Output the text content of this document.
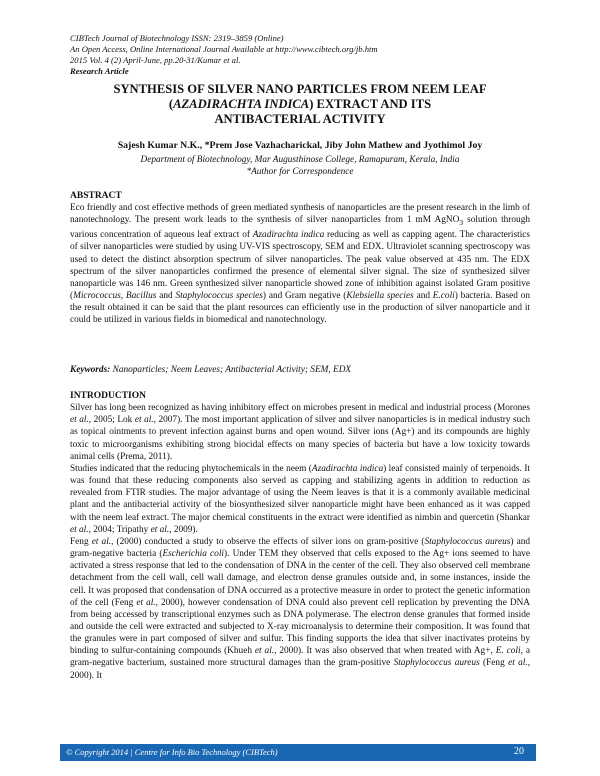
CIBTech Journal of Biotechnology ISSN: 2319–3859 (Online)
An Open Access, Online International Journal Available at http://www.cibtech.org/jb.htm
2015 Vol. 4 (2) April-June, pp.20-31/Kumar et al.
Research Article
SYNTHESIS OF SILVER NANO PARTICLES FROM NEEM LEAF
(AZADIRACHTA INDICA) EXTRACT AND ITS
ANTIBACTERIAL ACTIVITY
Sajesh Kumar N.K., *Prem Jose Vazhacharickal, Jiby John Mathew and Jyothimol Joy
Department of Biotechnology, Mar Augusthinose College, Ramapuram, Kerala, India
*Author for Correspondence
ABSTRACT

Eco friendly and cost effective methods of green mediated synthesis of nanoparticles are the present research in the limb of nanotechnology. The present work leads to the synthesis of silver nanoparticles from 1 mM AgNO$_3$ solution through various concentration of aqueous leaf extract of Azadirachta indica reducing as well as capping agent. The characteristics of silver nanoparticles were studied by using UV-VIS spectroscopy, SEM and EDX. Ultraviolet scanning spectroscopy was used to detect the distinct absorption spectrum of silver nanoparticles. The peak value observed at 435 nm. The EDX spectrum of the silver nanoparticles confirmed the presence of elemental silver signal. The size of synthesized silver nanoparticle was 146 nm. Green synthesized silver nanoparticle showed zone of inhibition against isolated Gram positive (Micrococcus, Bacillus and Staphylococcus species) and Gram negative (Klebsiella species and E.coli) bacteria. Based on the result obtained it can be said that the plant resources can efficiently use in the production of silver nanoparticle and it could be utilized in various fields in biomedical and nanotechnology.

Keywords: Nanoparticles; Neem Leaves; Antibacterial Activity; SEM, EDX
INTRODUCTION

Silver has long been recognized as having inhibitory effect on microbes present in medical and industrial process (Morones et al., 2005; Lok et al., 2007). The most important application of silver and silver nanoparticles is in medical industry such as topical ointments to prevent infection against burns and open wound. Silver ions (Ag+) and its compounds are highly toxic to microorganisms exhibiting strong biocidal effects on many species of bacteria but have a low toxicity towards animal cells (Prema, 2011).

Studies indicated that the reducing phytochemicals in the neem (Azadirachta indica) leaf consisted mainly of terpenoids. It was found that these reducing components also served as capping and stabilizing agents in addition to reduction as revealed from FTIR studies. The major advantage of using the Neem leaves is that it is a commonly available medicinal plant and the antibacterial activity of the biosynthesized silver nanoparticle might have been enhanced as it was capped with the neem leaf extract. The major chemical constituents in the extract were identified as nimbin and quercetin (Shankar et al., 2004; Tripathy et al., 2009).

Feng et al., (2000) conducted a study to observe the effects of silver ions on gram-positive (Staphylococcus aureus) and gram-negative bacteria (Escherichia coli). Under TEM they observed that cells exposed to the Ag+ ions seemed to have activated a stress response that led to the condensation of DNA in the center of the cell. They also observed cell membrane detachment from the cell wall, cell wall damage, and electron dense granules outside and, in some instances, inside the cell. It was proposed that condensation of DNA occurred as a protective measure in order to protect the genetic information of the cell (Feng et al., 2000), however condensation of DNA could also prevent cell replication by preventing the DNA from being accessed by transcriptional enzymes such as DNA polymerase. The electron dense granules that formed inside and outside the cell were extracted and subjected to X-ray microanalysis to determine their composition. It was found that the granules were in part composed of silver and sulfur. This finding supports the idea that silver inactivates proteins by binding to sulfur-containing compounds (Khueh et al., 2000). It was also observed that when treated with Ag+, E. coli, a gram-negative bacterium, sustained more structural damages than the gram-positive Staphylococcus aureus (Feng et al., 2000). It

© Copyright 2014 | Centre for Info Bio Technology (CIBTech)	20
